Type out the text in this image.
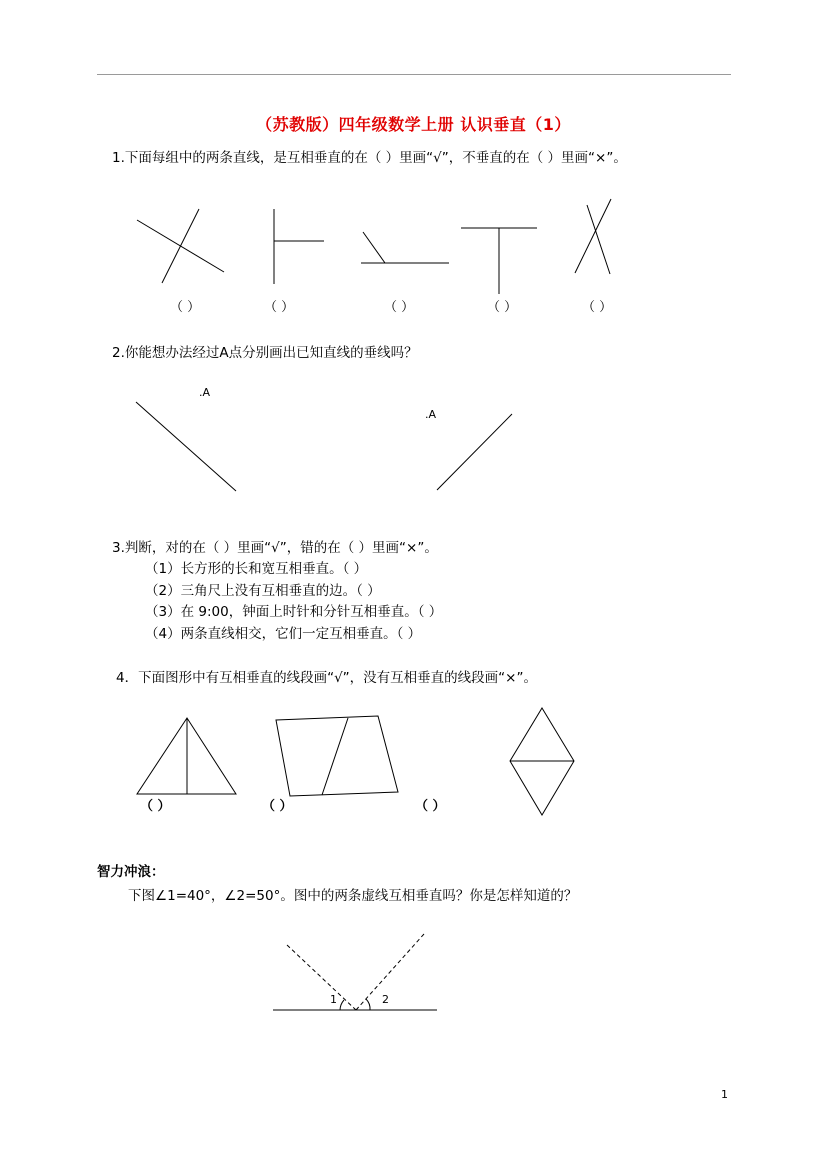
（苏教版）四年级数学上册 认识垂直（1）
1.下面每组中的两条直线，是互相垂直的在（ ）里画“√”，不垂直的在（ ）里画“×”。
（ ）	（ ）	（ ）	（ ）	（ ）
2.你能想办法经过A点分别画出已知直线的垂线吗？
.A
.A
3.判断，对的在（ ）里画“√”，错的在（ ）里画“×”。
（1）长方形的长和宽互相垂直。（ ）
（2）三角尺上没有互相垂直的边。（ ）
（3）在 9:00，钟面上时针和分针互相垂直。（ ）
（4）两条直线相交，它们一定互相垂直。（ ）
4．下面图形中有互相垂直的线段画“√”，没有互相垂直的线段画“×”。
（ ）	（ ）	（ ）
智力冲浪：
下图∠1=40°，∠2=50°。图中的两条虚线互相垂直吗？你是怎样知道的？
1	2
1
